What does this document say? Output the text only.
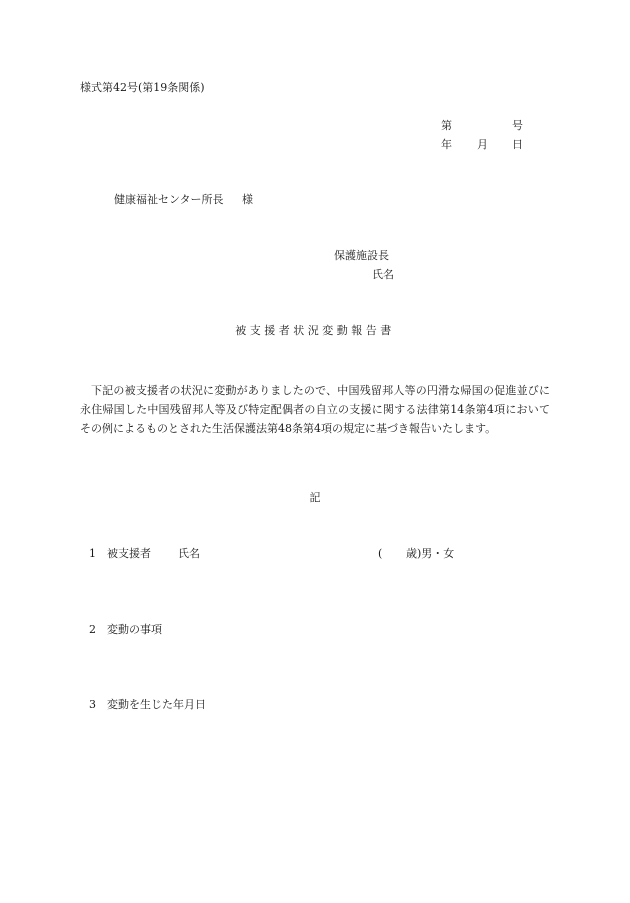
様式第42号(第19条関係)
第	号
年 月 日
健康福祉センター所長 様
保護施設長
氏名
被支援者状況変動報告書
下記の被支援者の状況に変動がありましたので、中国残留邦人等の円滑な帰国の促進並びに永住帰国した中国残留邦人等及び特定配偶者の自立の支援に関する法律第14条第4項においてその例によるものとされた生活保護法第48条第4項の規定に基づき報告いたします。
記
1 被支援者 氏名	( 歳)男・女
2 変動の事項
3 変動を生じた年月日
